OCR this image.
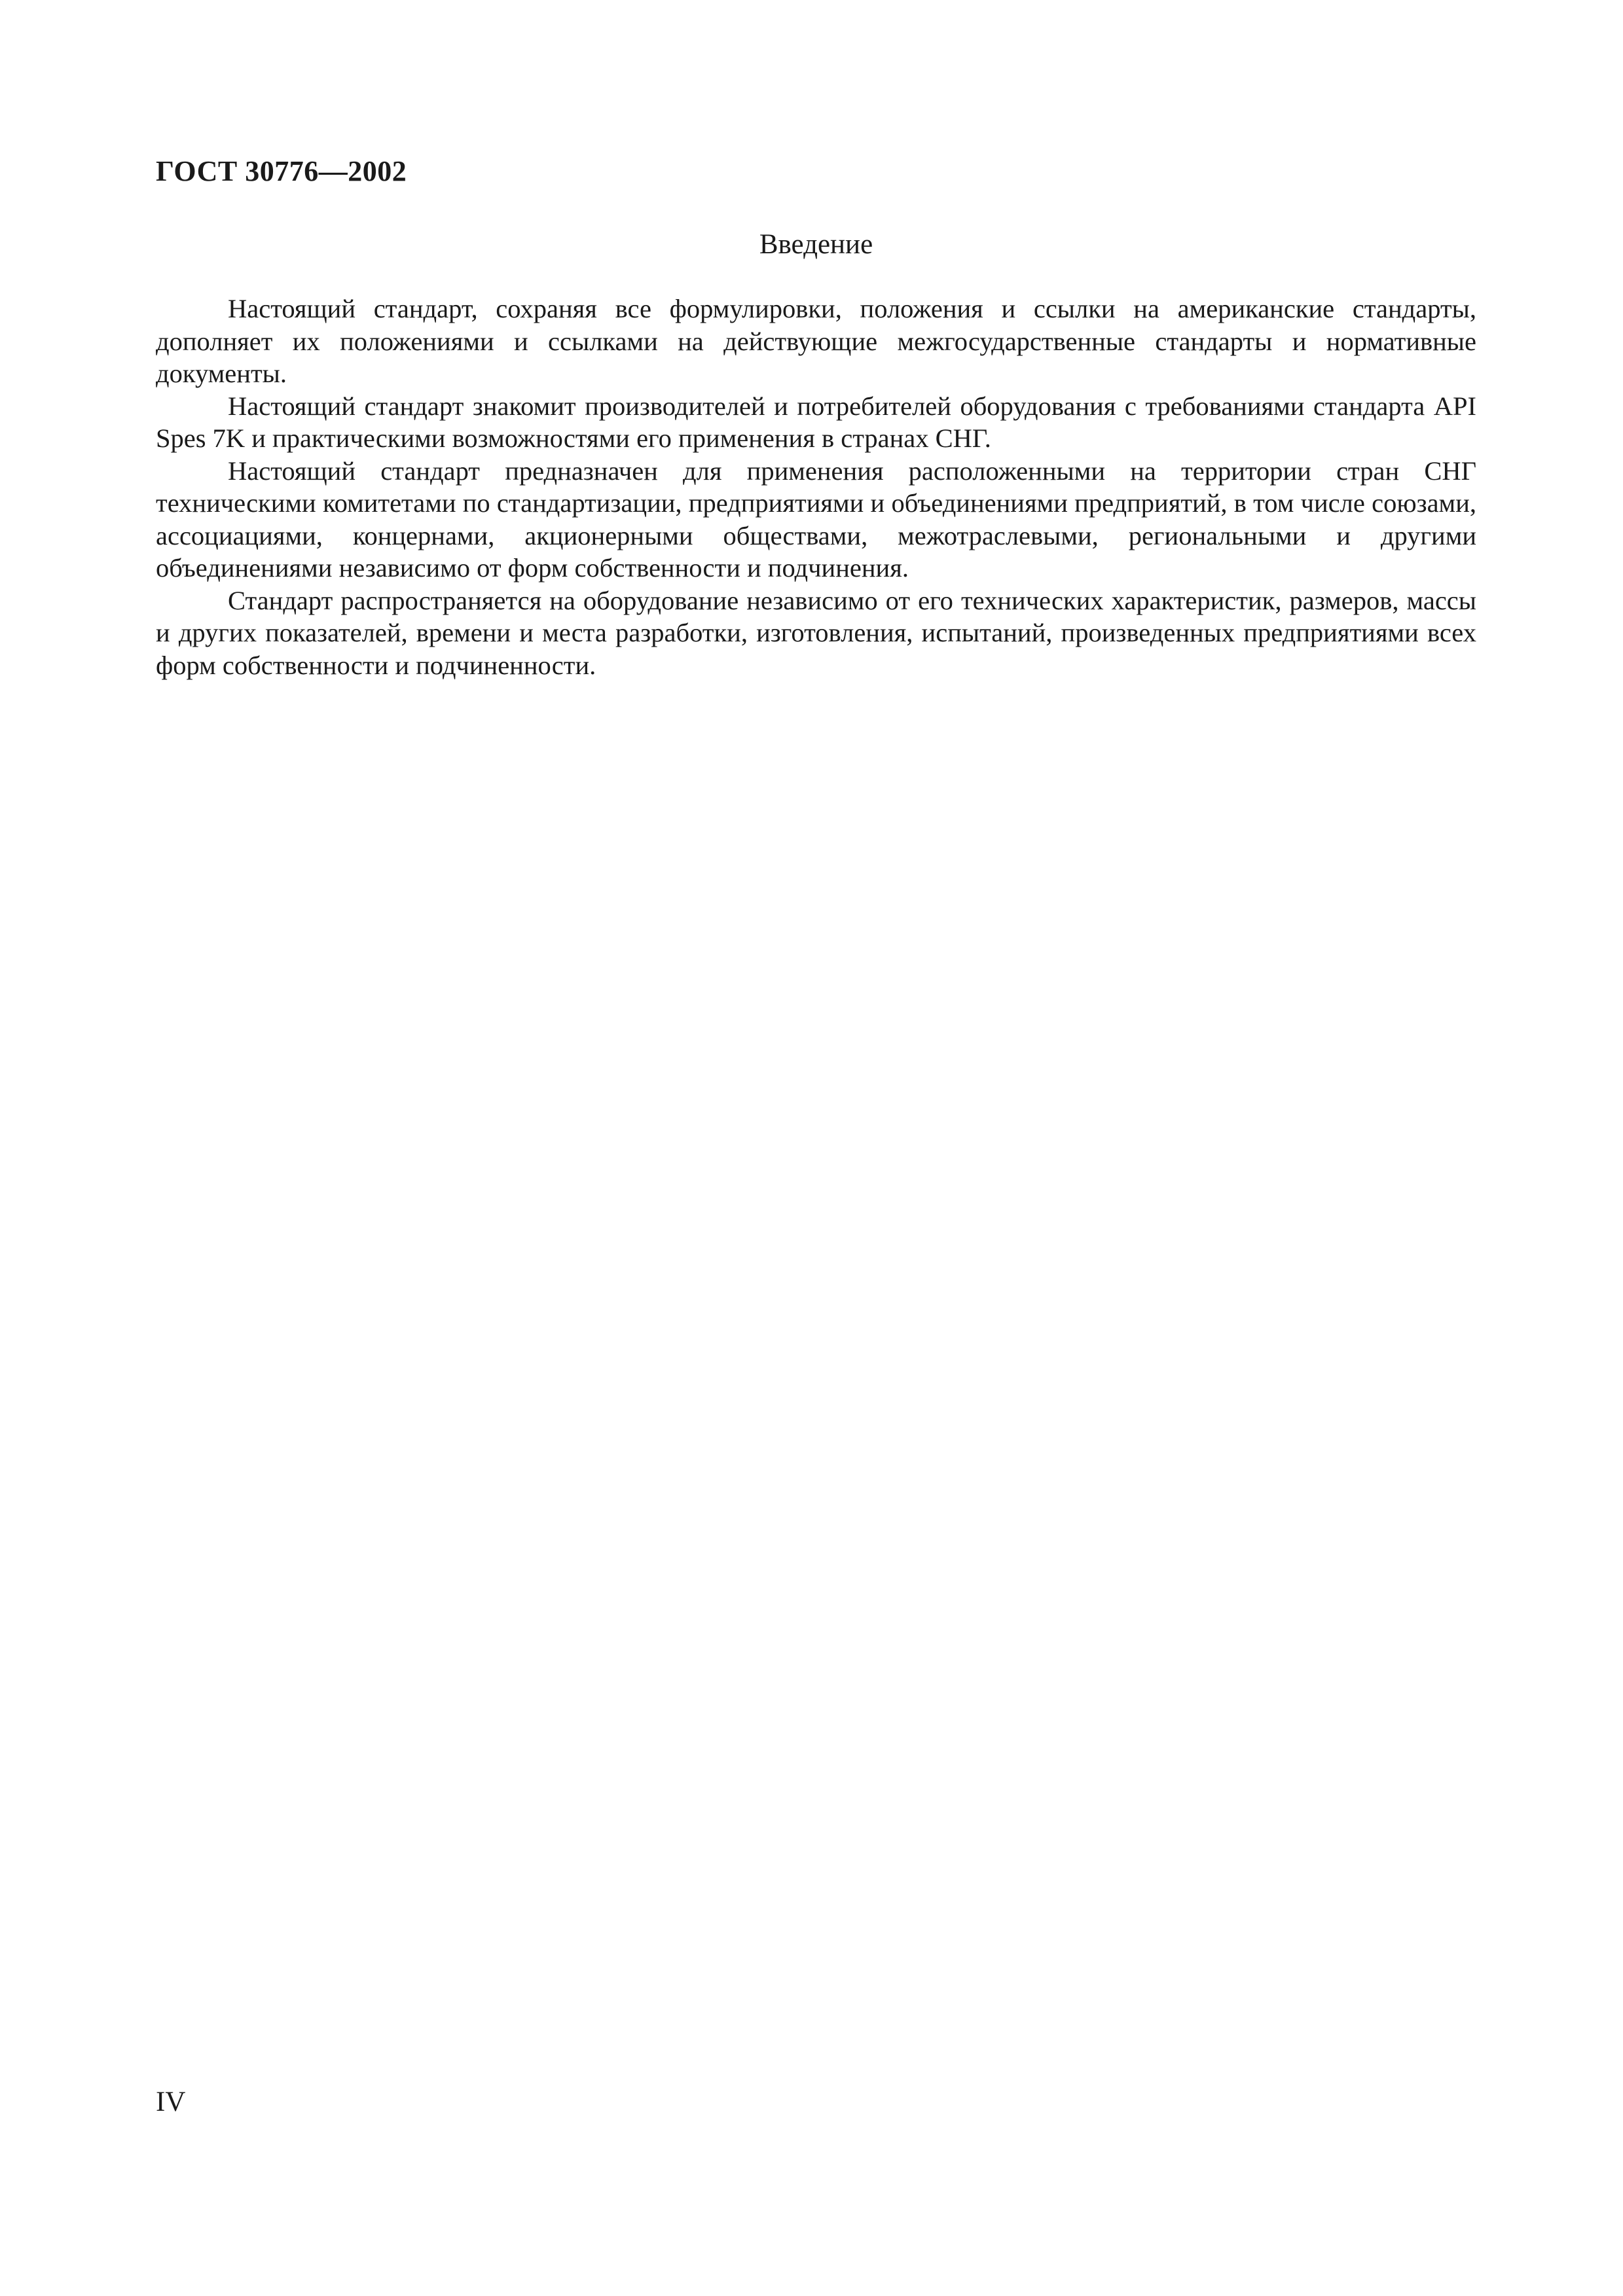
ГОСТ 30776—2002
Введение

Настоящий стандарт, сохраняя все формулировки, положения и ссылки на американские стандарты, дополняет их положениями и ссылками на действующие межгосударственные стандарты и нормативные документы.

Настоящий стандарт знакомит производителей и потребителей оборудования с требованиями стандарта API Spes 7K и практическими возможностями его применения в странах СНГ.

Настоящий стандарт предназначен для применения расположенными на территории стран СНГ техническими комитетами по стандартизации, предприятиями и объединениями предприятий, в том числе союзами, ассоциациями, концернами, акционерными обществами, межотраслевыми, региональными и другими объединениями независимо от форм собственности и подчинения.

Стандарт распространяется на оборудование независимо от его технических характеристик, размеров, массы и других показателей, времени и места разработки, изготовления, испытаний, произведенных предприятиями всех форм собственности и подчиненности.

IV
